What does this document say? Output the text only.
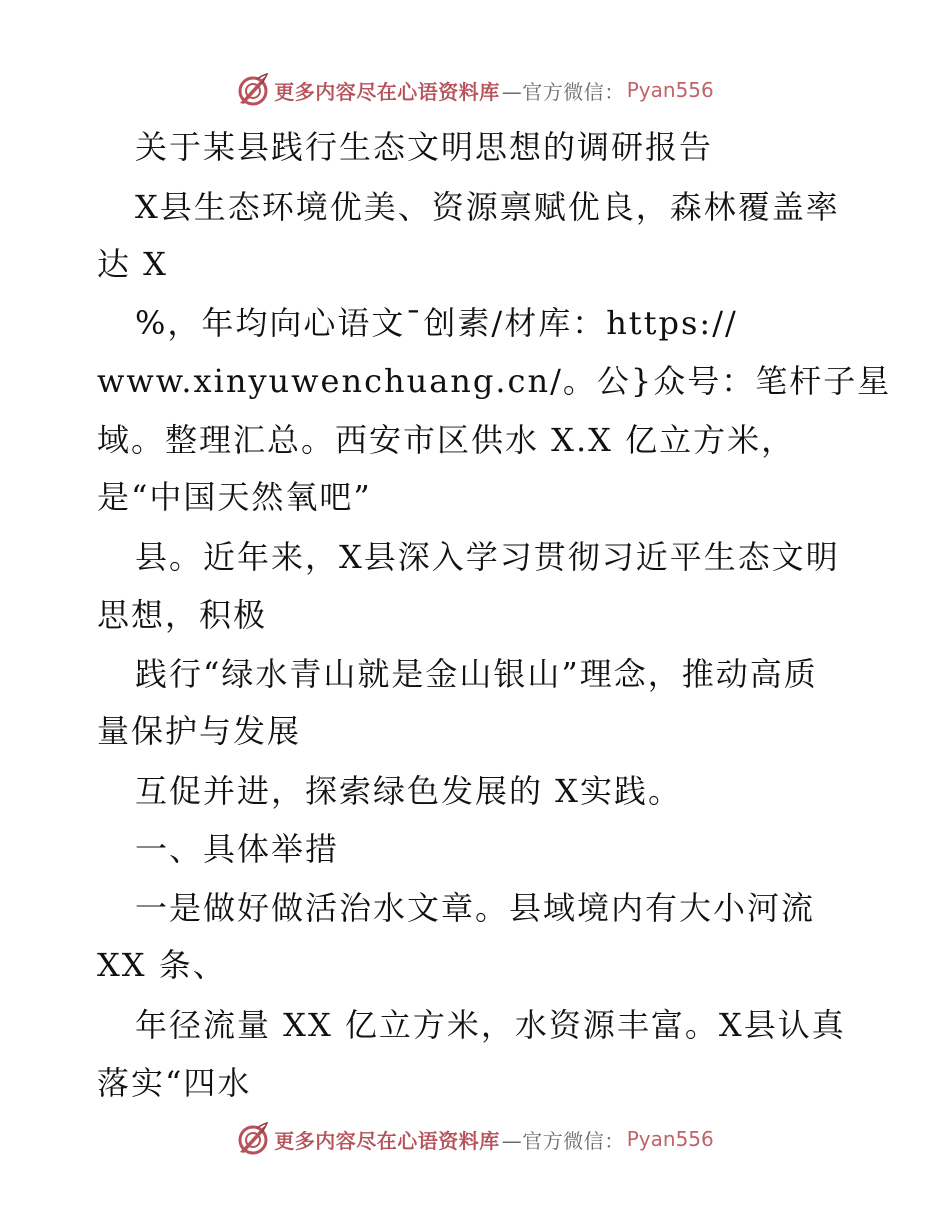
更多内容尽在心语资料库 —官方微信： Pyan556
关于某县践行生态文明思想的调研报告
X县生态环境优美、资源禀赋优良，森林覆盖率
达 X
%，年均向心语文¯创素/材库：https://
www.xinyuwenchuang.cn/。公}众号：笔杆子星
域。整理汇总。西安市区供水 X.X 亿立方米，
是“中国天然氧吧”
县。近年来，X县深入学习贯彻习近平生态文明
思想，积极
践行“绿水青山就是金山银山”理念，推动高质
量保护与发展
互促并进，探索绿色发展的 X实践。
一、具体举措
一是做好做活治水文章。县域境内有大小河流
XX 条、
年径流量 XX 亿立方米，水资源丰富。X县认真
落实“四水
更多内容尽在心语资料库 —官方微信： Pyan556
